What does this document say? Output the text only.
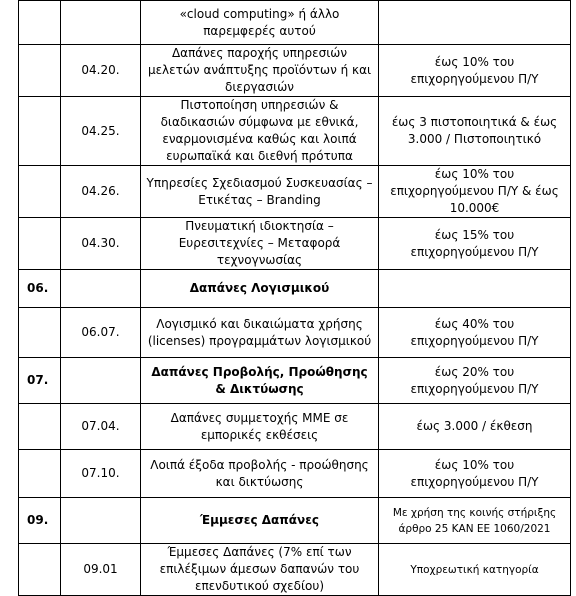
		«cloud computing» ή άλλο παρεμφερές αυτού	
	04.20.	Δαπάνες παροχής υπηρεσιών μελετών ανάπτυξης προϊόντων ή και διεργασιών	έως 10% του επιχορηγούμενου Π/Υ
	04.25.	Πιστοποίηση υπηρεσιών & διαδικασιών σύμφωνα με εθνικά, εναρμονισμένα καθώς και λοιπά ευρωπαϊκά και διεθνή πρότυπα	έως 3 πιστοποιητικά & έως 3.000 / Πιστοποιητικό
	04.26.	Υπηρεσίες Σχεδιασμού Συσκευασίας – Ετικέτας – Branding	έως 10% του επιχορηγούμενου Π/Υ & έως 10.000€
	04.30.	Πνευματική ιδιοκτησία – Ευρεσιτεχνίες – Μεταφορά τεχνογνωσίας	έως 15% του επιχορηγούμενου Π/Υ
06.		Δαπάνες Λογισμικού	
	06.07.	Λογισμικό και δικαιώματα χρήσης (licenses) προγραμμάτων λογισμικού	έως 40% του επιχορηγούμενου Π/Υ
07.		Δαπάνες Προβολής, Προώθησης & Δικτύωσης	έως 20% του επιχορηγούμενου Π/Υ
	07.04.	Δαπάνες συμμετοχής ΜΜΕ σε εμπορικές εκθέσεις	έως 3.000 / έκθεση
	07.10.	Λοιπά έξοδα προβολής - προώθησης και δικτύωσης	έως 10% του επιχορηγούμενου Π/Υ
09.		Έμμεσες Δαπάνες	Με χρήση της κοινής στήριξης άρθρο 25 ΚΑΝ ΕΕ 1060/2021
	09.01	Έμμεσες Δαπάνες (7% επί των επιλέξιμων άμεσων δαπανών του επενδυτικού σχεδίου)	Υποχρεωτική κατηγορία
